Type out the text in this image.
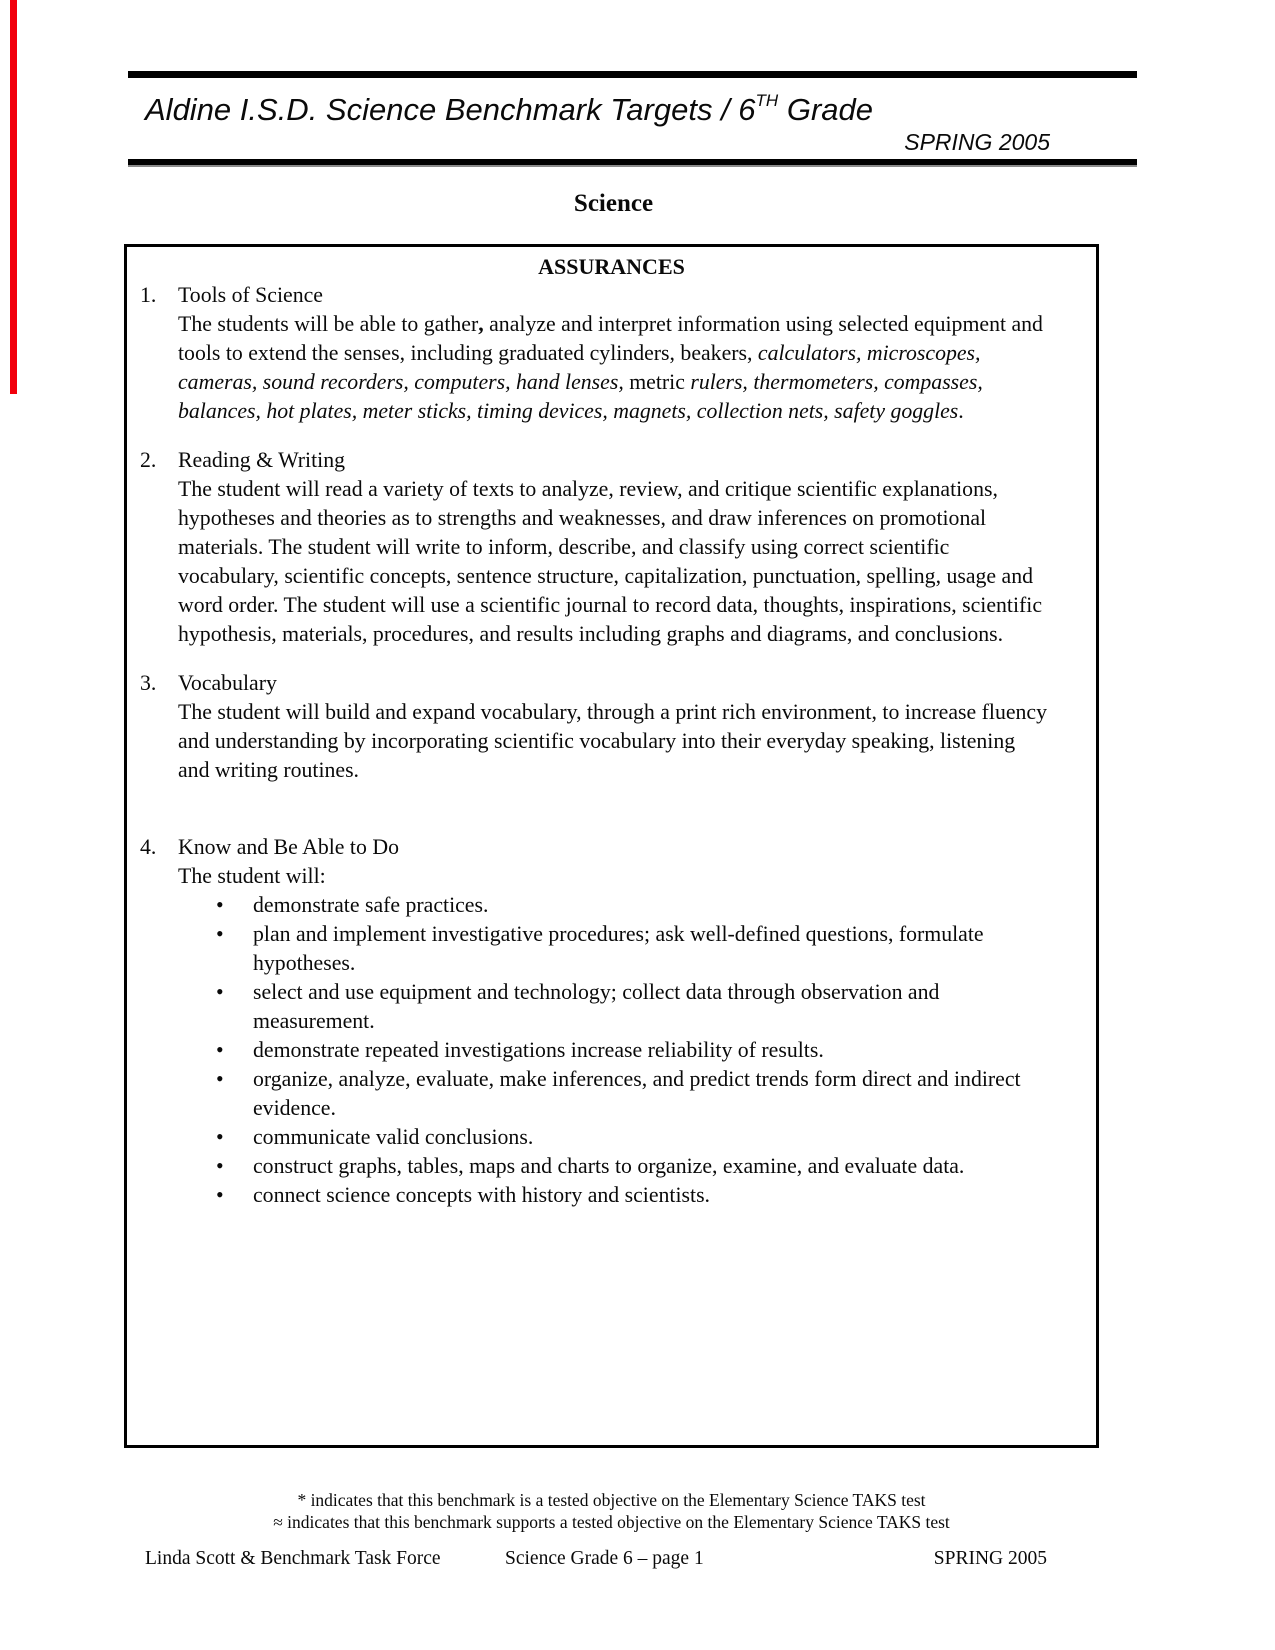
Aldine I.S.D. Science Benchmark Targets / 6TH Grade
SPRING 2005
Science
ASSURANCES
1. Tools of Science

The students will be able to gather, analyze and interpret information using selected equipment and tools to extend the senses, including graduated cylinders, beakers, calculators, microscopes, cameras, sound recorders, computers, hand lenses, metric rulers, thermometers, compasses, balances, hot plates, meter sticks, timing devices, magnets, collection nets, safety goggles.

2. Reading & Writing

The student will read a variety of texts to analyze, review, and critique scientific explanations, hypotheses and theories as to strengths and weaknesses, and draw inferences on promotional materials. The student will write to inform, describe, and classify using correct scientific vocabulary, scientific concepts, sentence structure, capitalization, punctuation, spelling, usage and word order. The student will use a scientific journal to record data, thoughts, inspirations, scientific hypothesis, materials, procedures, and results including graphs and diagrams, and conclusions.

3. Vocabulary

The student will build and expand vocabulary, through a print rich environment, to increase fluency and understanding by incorporating scientific vocabulary into their everyday speaking, listening and writing routines.

4. Know and Be Able to Do

The student will:

• demonstrate safe practices.
• plan and implement investigative procedures; ask well-defined questions, formulate hypotheses.
• select and use equipment and technology; collect data through observation and measurement.
• demonstrate repeated investigations increase reliability of results.
• organize, analyze, evaluate, make inferences, and predict trends form direct and indirect evidence.
• communicate valid conclusions.
• construct graphs, tables, maps and charts to organize, examine, and evaluate data.
• connect science concepts with history and scientists.
* indicates that this benchmark is a tested objective on the Elementary Science TAKS test
≈ indicates that this benchmark supports a tested objective on the Elementary Science TAKS test
Linda Scott & Benchmark Task Force	Science Grade 6 – page 1	SPRING 2005
